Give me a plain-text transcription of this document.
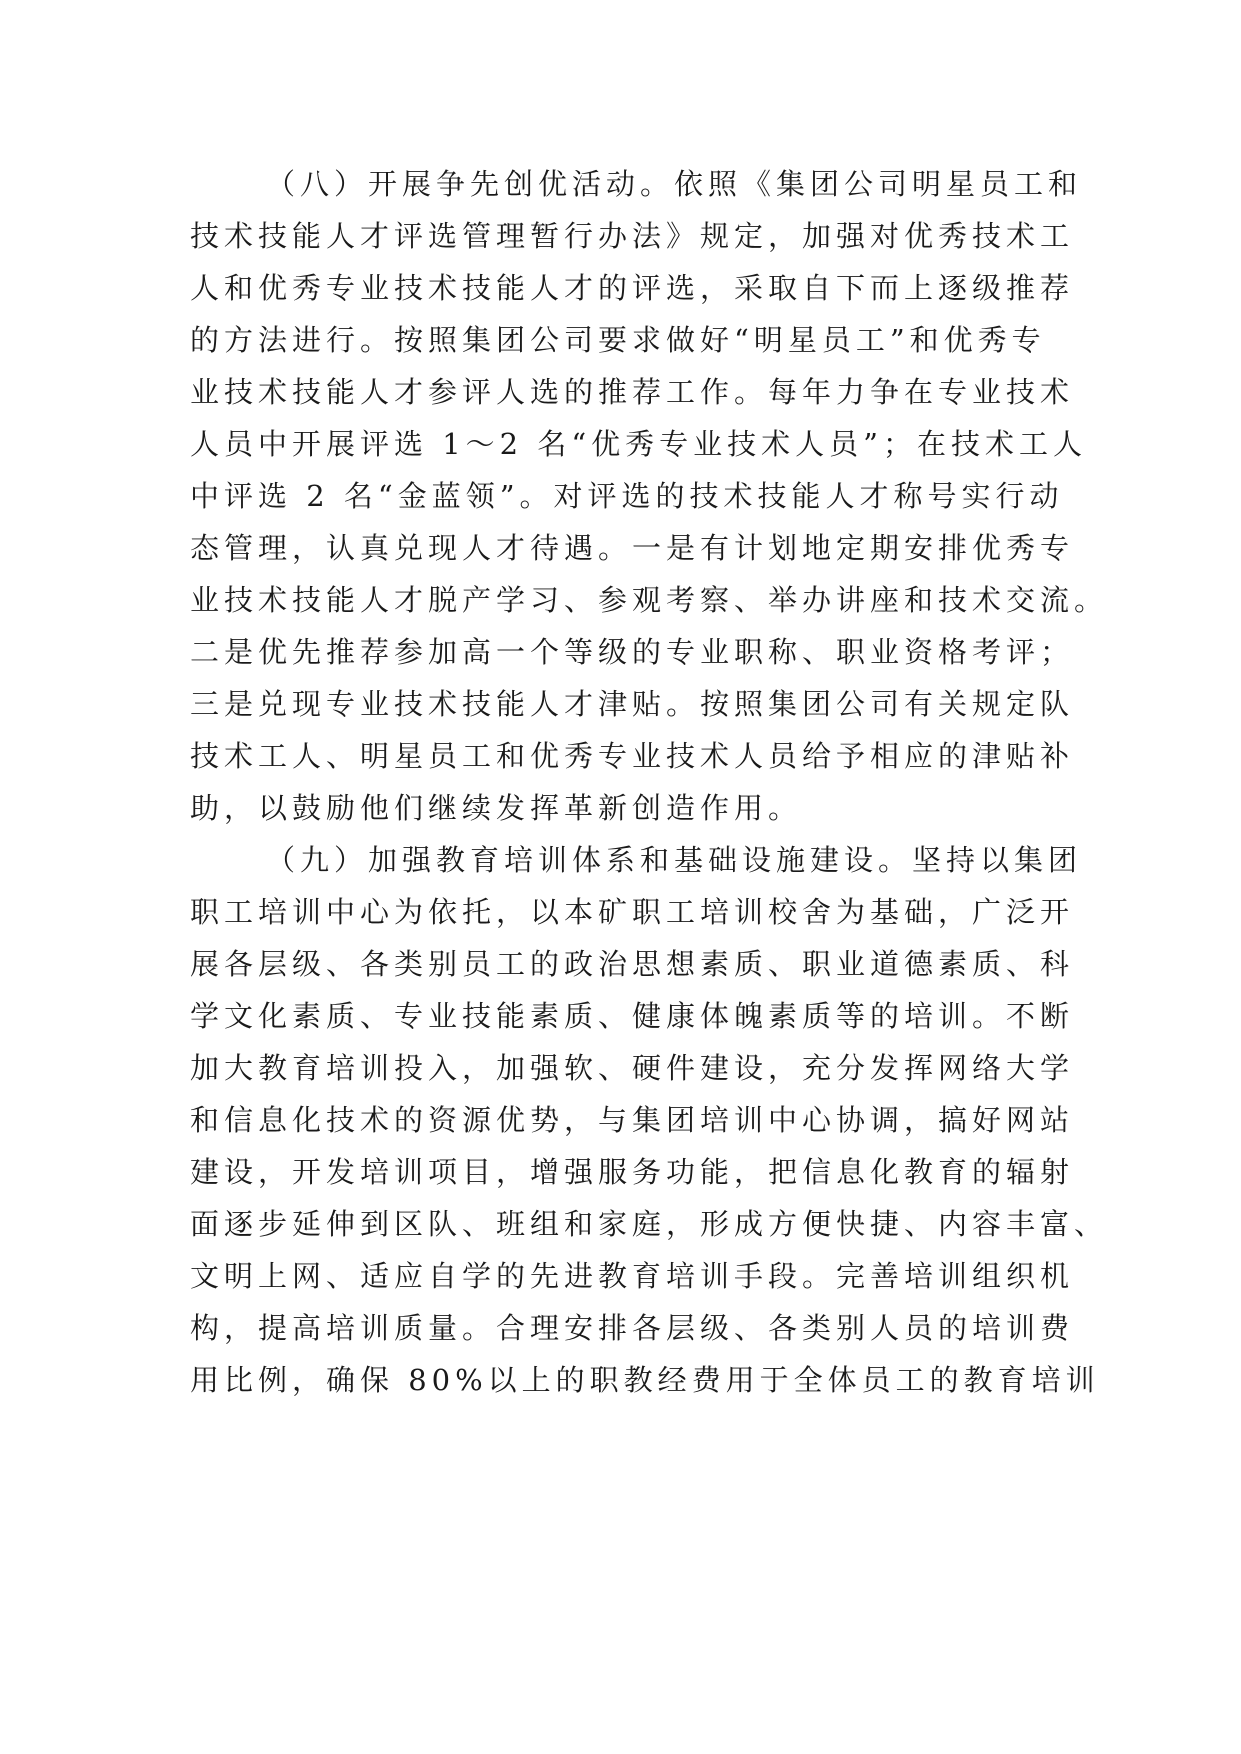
（八）开展争先创优活动。依照《集团公司明星员工和
技术技能人才评选管理暂行办法》规定，加强对优秀技术工
人和优秀专业技术技能人才的评选，采取自下而上逐级推荐
的方法进行。按照集团公司要求做好“明星员工”和优秀专
业技术技能人才参评人选的推荐工作。每年力争在专业技术
人员中开展评选 1～2 名“优秀专业技术人员”；在技术工人
中评选 2 名“金蓝领”。对评选的技术技能人才称号实行动
态管理，认真兑现人才待遇。一是有计划地定期安排优秀专
业技术技能人才脱产学习、参观考察、举办讲座和技术交流。
二是优先推荐参加高一个等级的专业职称、职业资格考评；
三是兑现专业技术技能人才津贴。按照集团公司有关规定队
技术工人、明星员工和优秀专业技术人员给予相应的津贴补
助，以鼓励他们继续发挥革新创造作用。
（九）加强教育培训体系和基础设施建设。坚持以集团
职工培训中心为依托，以本矿职工培训校舍为基础，广泛开
展各层级、各类别员工的政治思想素质、职业道德素质、科
学文化素质、专业技能素质、健康体魄素质等的培训。不断
加大教育培训投入，加强软、硬件建设，充分发挥网络大学
和信息化技术的资源优势，与集团培训中心协调，搞好网站
建设，开发培训项目，增强服务功能，把信息化教育的辐射
面逐步延伸到区队、班组和家庭，形成方便快捷、内容丰富、
文明上网、适应自学的先进教育培训手段。完善培训组织机
构，提高培训质量。合理安排各层级、各类别人员的培训费
用比例，确保 80%以上的职教经费用于全体员工的教育培训
